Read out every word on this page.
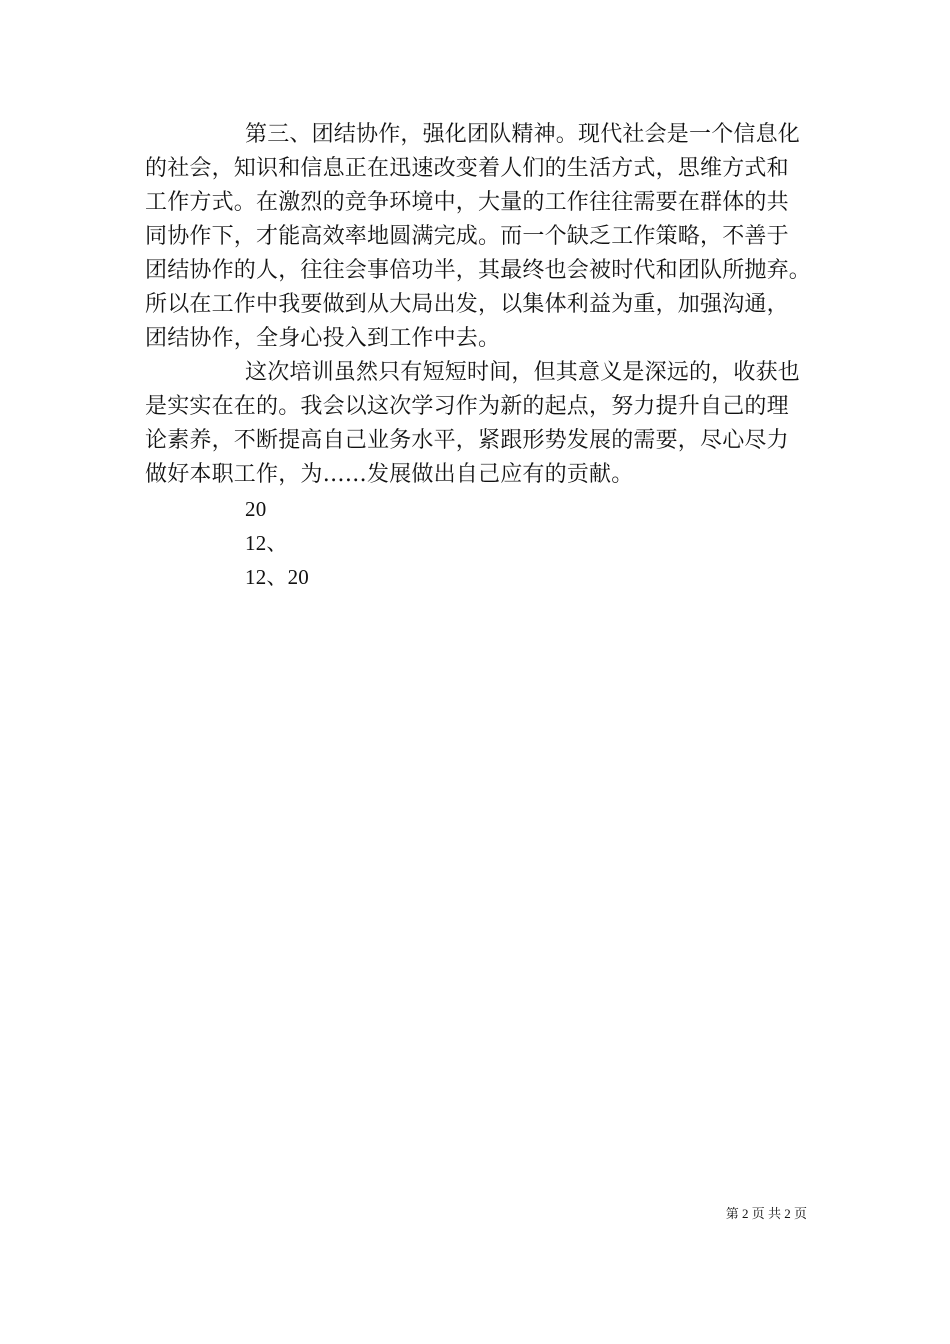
第三、团结协作，强化团队精神。现代社会是一个信息化
的社会，知识和信息正在迅速改变着人们的生活方式，思维方式和
工作方式。在激烈的竞争环境中，大量的工作往往需要在群体的共
同协作下，才能高效率地圆满完成。而一个缺乏工作策略，不善于
团结协作的人，往往会事倍功半，其最终也会被时代和团队所抛弃。
所以在工作中我要做到从大局出发，以集体利益为重，加强沟通，
团结协作，全身心投入到工作中去。
这次培训虽然只有短短时间，但其意义是深远的，收获也
是实实在在的。我会以这次学习作为新的起点，努力提升自己的理
论素养，不断提高自己业务水平，紧跟形势发展的需要，尽心尽力
做好本职工作，为……发展做出自己应有的贡献。
20
12、
12、20
第 2 页 共 2 页
